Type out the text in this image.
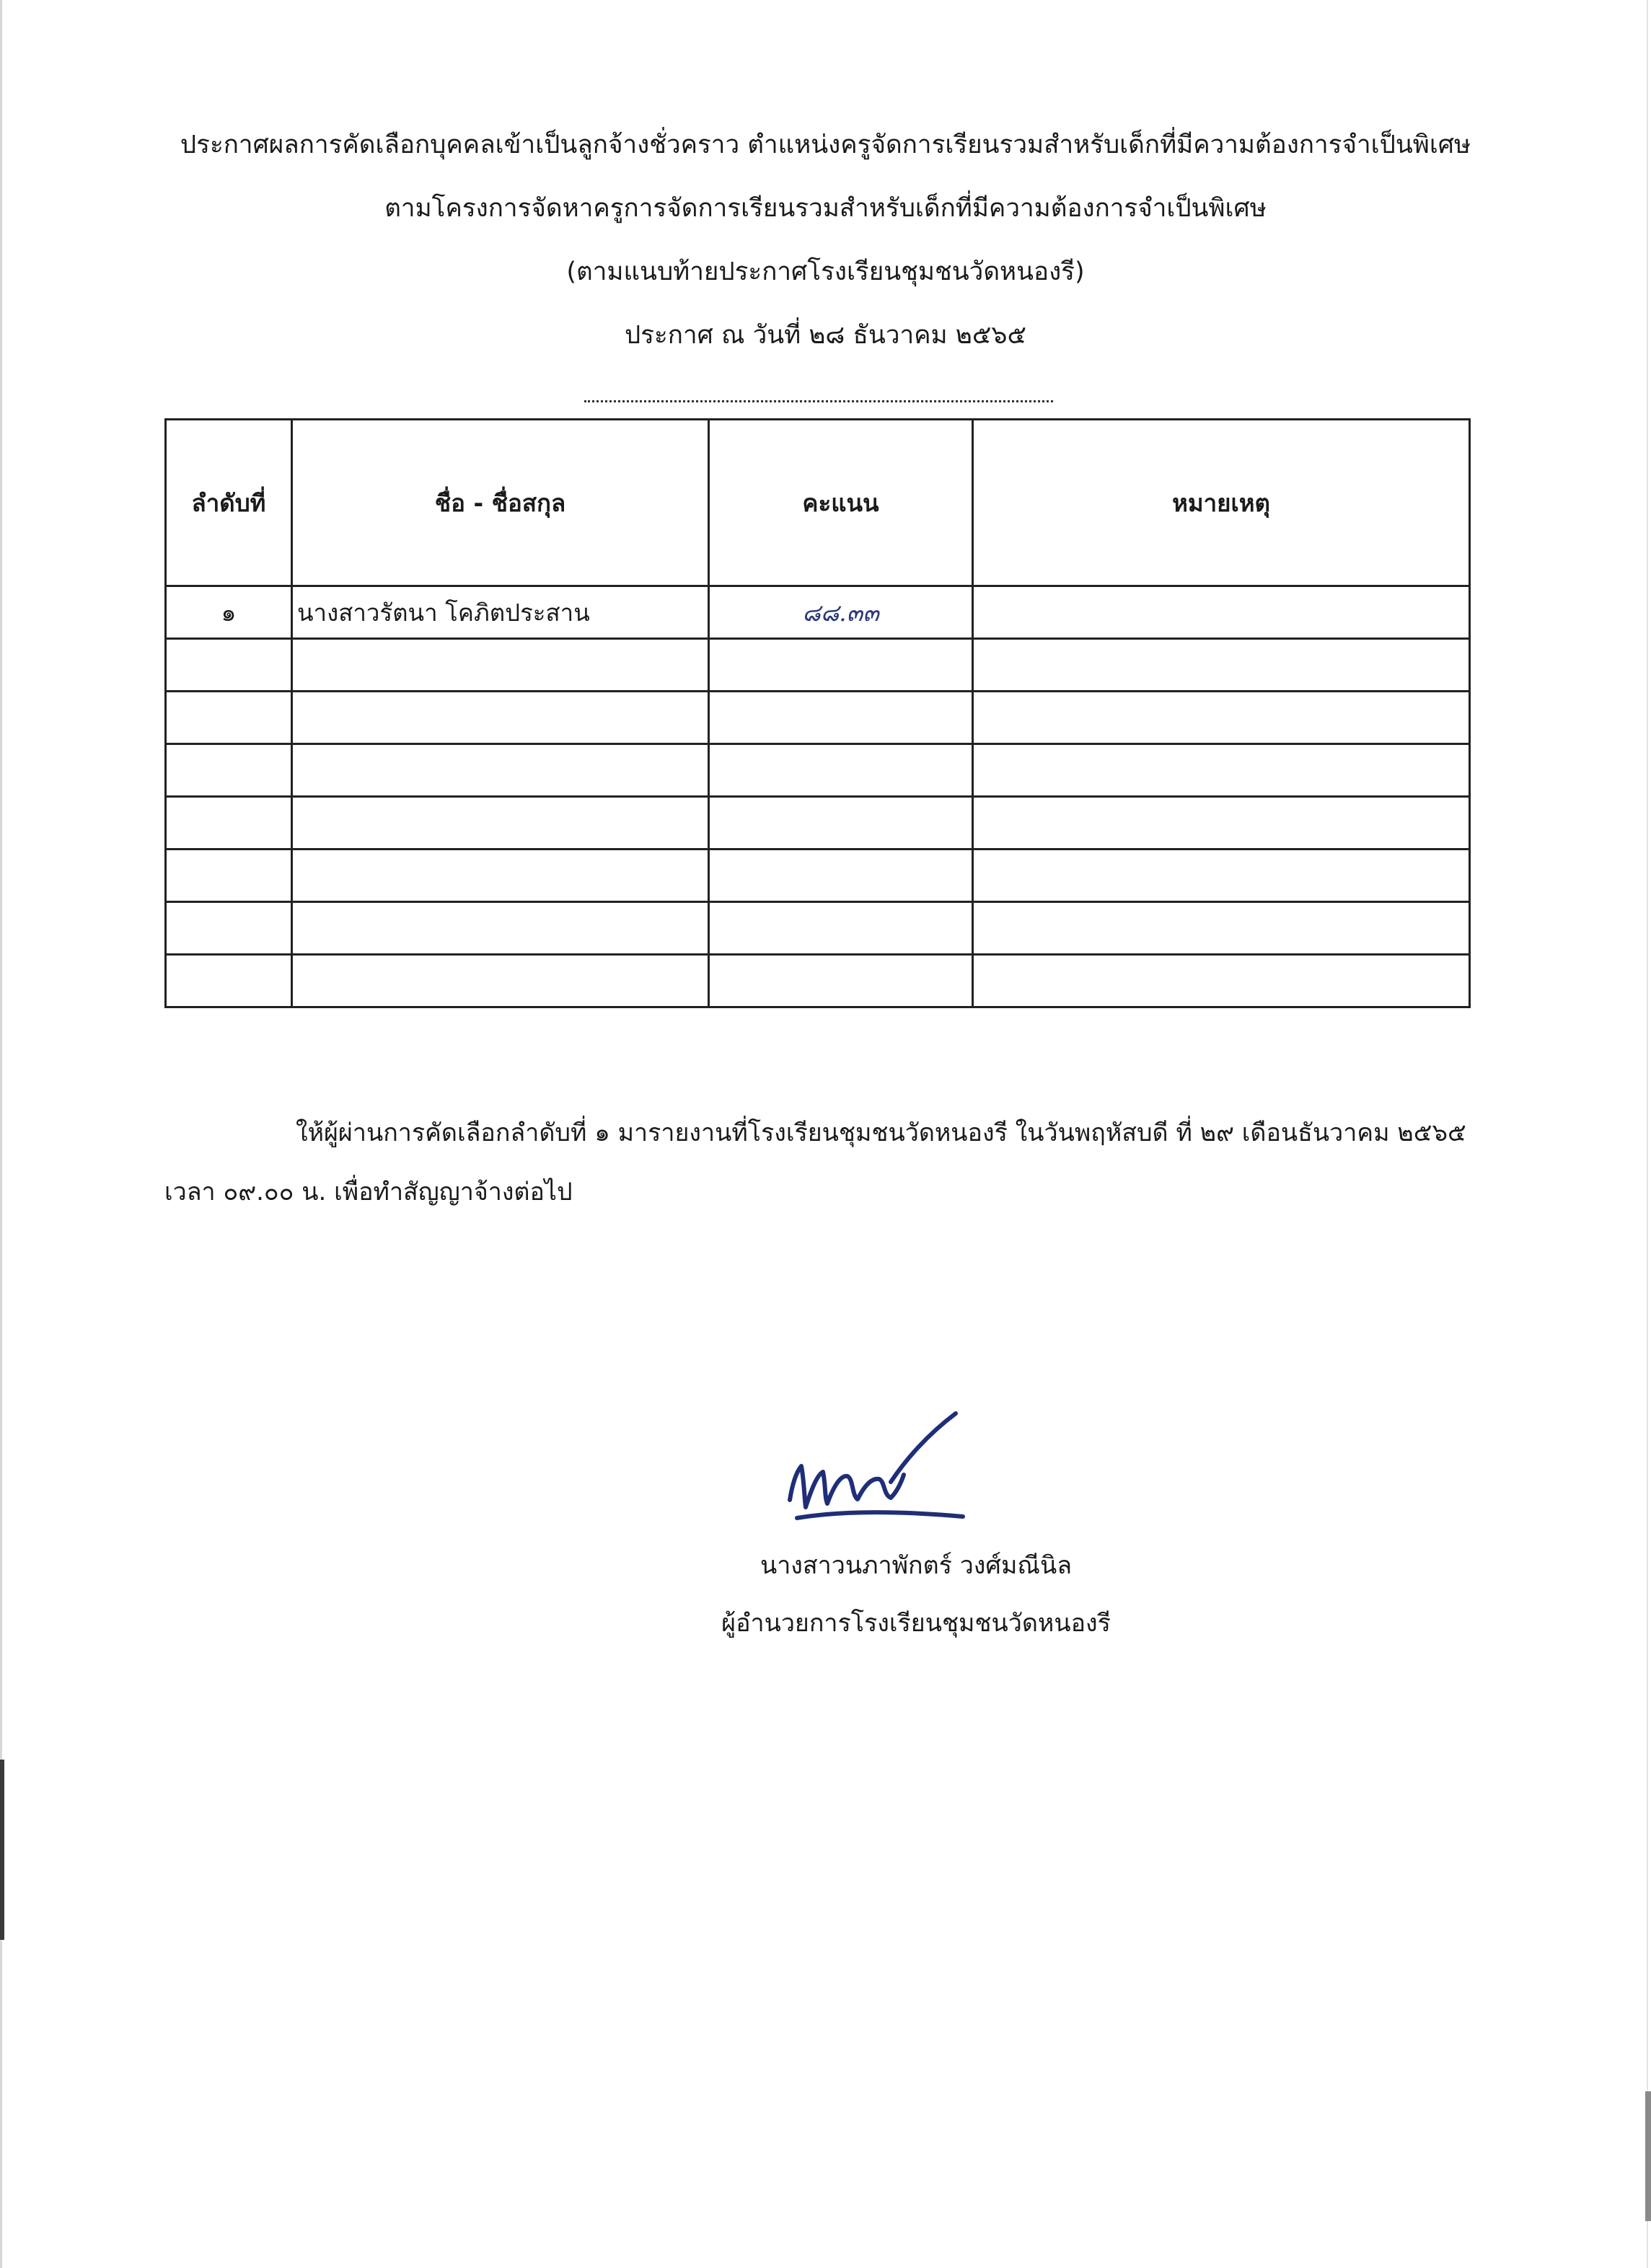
ประกาศผลการคัดเลือกบุคคลเข้าเป็นลูกจ้างชั่วคราว ตำแหน่งครูจัดการเรียนรวมสำหรับเด็กที่มีความต้องการจำเป็นพิเศษ
ตามโครงการจัดหาครูการจัดการเรียนรวมสำหรับเด็กที่มีความต้องการจำเป็นพิเศษ
(ตามแนบท้ายประกาศโรงเรียนชุมชนวัดหนองรี)
ประกาศ ณ วันที่ ๒๘ ธันวาคม ๒๕๖๕
ลำดับที่	ชื่อ - ชื่อสกุล	คะแนน	หมายเหตุ
๑	นางสาวรัตนา โคภิตประสาน	๘๘.๓๓	

ให้ผู้ผ่านการคัดเลือกลำดับที่ ๑ มารายงานที่โรงเรียนชุมชนวัดหนองรี ในวันพฤหัสบดี ที่ ๒๙ เดือนธันวาคม ๒๕๖๕ เวลา ๐๙.๐๐ น. เพื่อทำสัญญาจ้างต่อไป
นางสาวนภาพักตร์ วงศ์มณีนิล
ผู้อำนวยการโรงเรียนชุมชนวัดหนองรี
